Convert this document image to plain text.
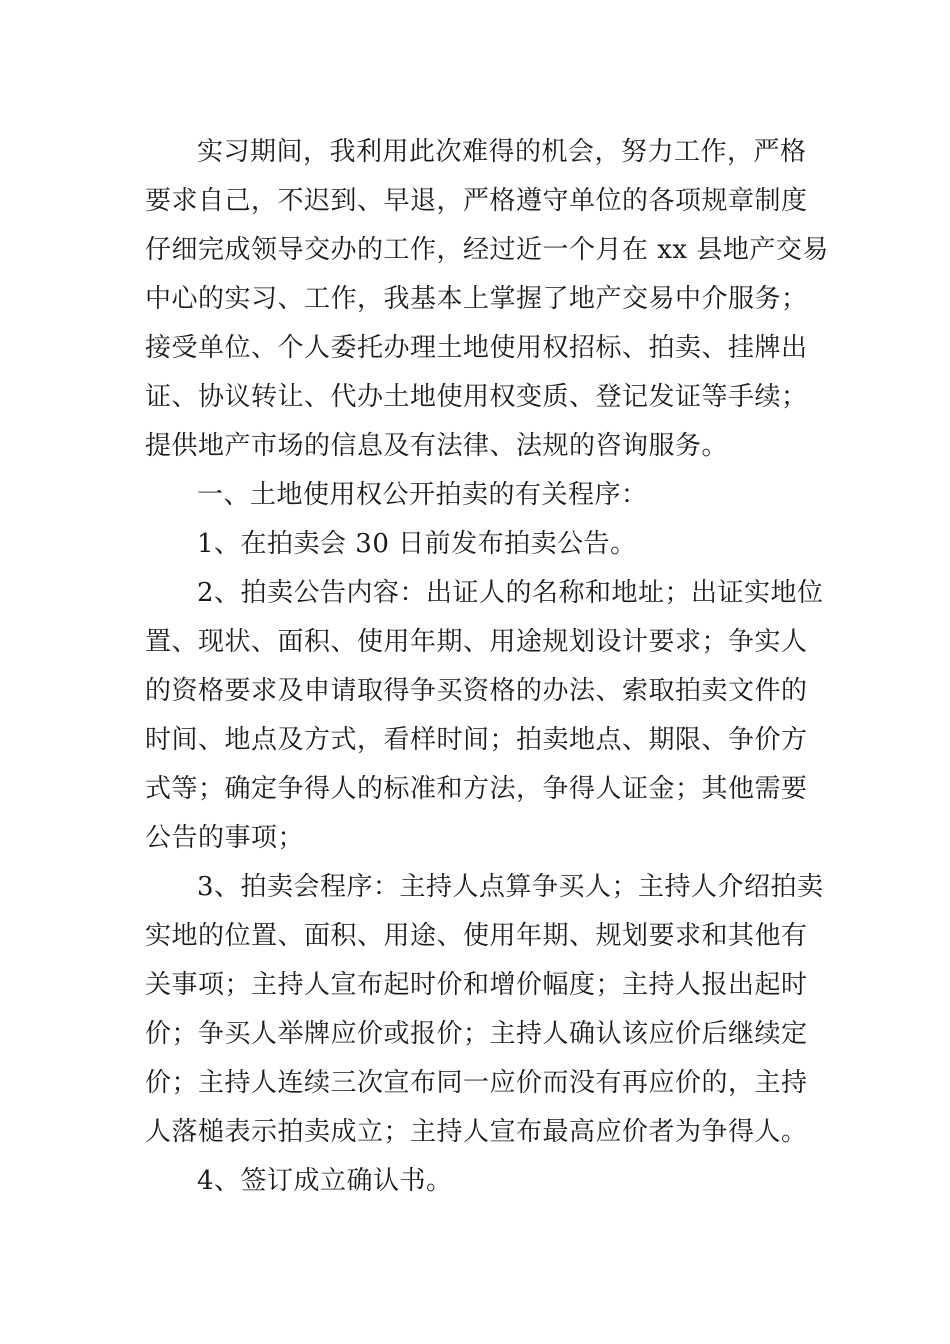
实习期间，我利用此次难得的机会，努力工作，严格
要求自己，不迟到、早退，严格遵守单位的各项规章制度
仔细完成领导交办的工作，经过近一个月在 xx 县地产交易
中心的实习、工作，我基本上掌握了地产交易中介服务；
接受单位、个人委托办理土地使用权招标、拍卖、挂牌出
证、协议转让、代办土地使用权变质、登记发证等手续；
提供地产市场的信息及有法律、法规的咨询服务。
一、土地使用权公开拍卖的有关程序：
1、在拍卖会 30 日前发布拍卖公告。
2、拍卖公告内容：出证人的名称和地址；出证实地位
置、现状、面积、使用年期、用途规划设计要求；争实人
的资格要求及申请取得争买资格的办法、索取拍卖文件的
时间、地点及方式，看样时间；拍卖地点、期限、争价方
式等；确定争得人的标准和方法，争得人证金；其他需要
公告的事项；
3、拍卖会程序：主持人点算争买人；主持人介绍拍卖
实地的位置、面积、用途、使用年期、规划要求和其他有
关事项；主持人宣布起时价和增价幅度；主持人报出起时
价；争买人举牌应价或报价；主持人确认该应价后继续定
价；主持人连续三次宣布同一应价而没有再应价的，主持
人落槌表示拍卖成立；主持人宣布最高应价者为争得人。
4、签订成立确认书。
